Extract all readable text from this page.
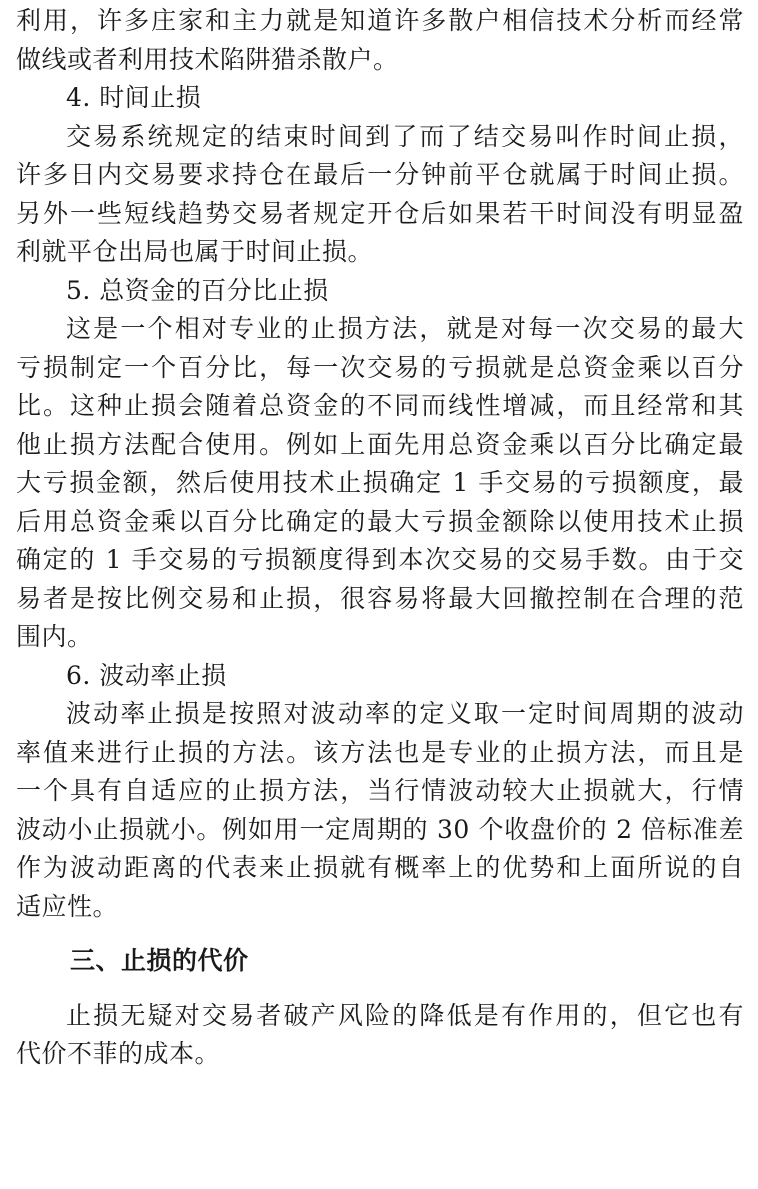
利用，许多庄家和主力就是知道许多散户相信技术分析而经常
做线或者利用技术陷阱猎杀散户。
4. 时间止损
交易系统规定的结束时间到了而了结交易叫作时间止损，
许多日内交易要求持仓在最后一分钟前平仓就属于时间止损。
另外一些短线趋势交易者规定开仓后如果若干时间没有明显盈
利就平仓出局也属于时间止损。
5. 总资金的百分比止损
这是一个相对专业的止损方法，就是对每一次交易的最大
亏损制定一个百分比，每一次交易的亏损就是总资金乘以百分
比。这种止损会随着总资金的不同而线性增减，而且经常和其
他止损方法配合使用。例如上面先用总资金乘以百分比确定最
大亏损金额，然后使用技术止损确定 1 手交易的亏损额度，最
后用总资金乘以百分比确定的最大亏损金额除以使用技术止损
确定的 1 手交易的亏损额度得到本次交易的交易手数。由于交
易者是按比例交易和止损，很容易将最大回撤控制在合理的范
围内。
6. 波动率止损
波动率止损是按照对波动率的定义取一定时间周期的波动
率值来进行止损的方法。该方法也是专业的止损方法，而且是
一个具有自适应的止损方法，当行情波动较大止损就大，行情
波动小止损就小。例如用一定周期的 30 个收盘价的 2 倍标准差
作为波动距离的代表来止损就有概率上的优势和上面所说的自
适应性。
三、止损的代价
止损无疑对交易者破产风险的降低是有作用的，但它也有
代价不菲的成本。
